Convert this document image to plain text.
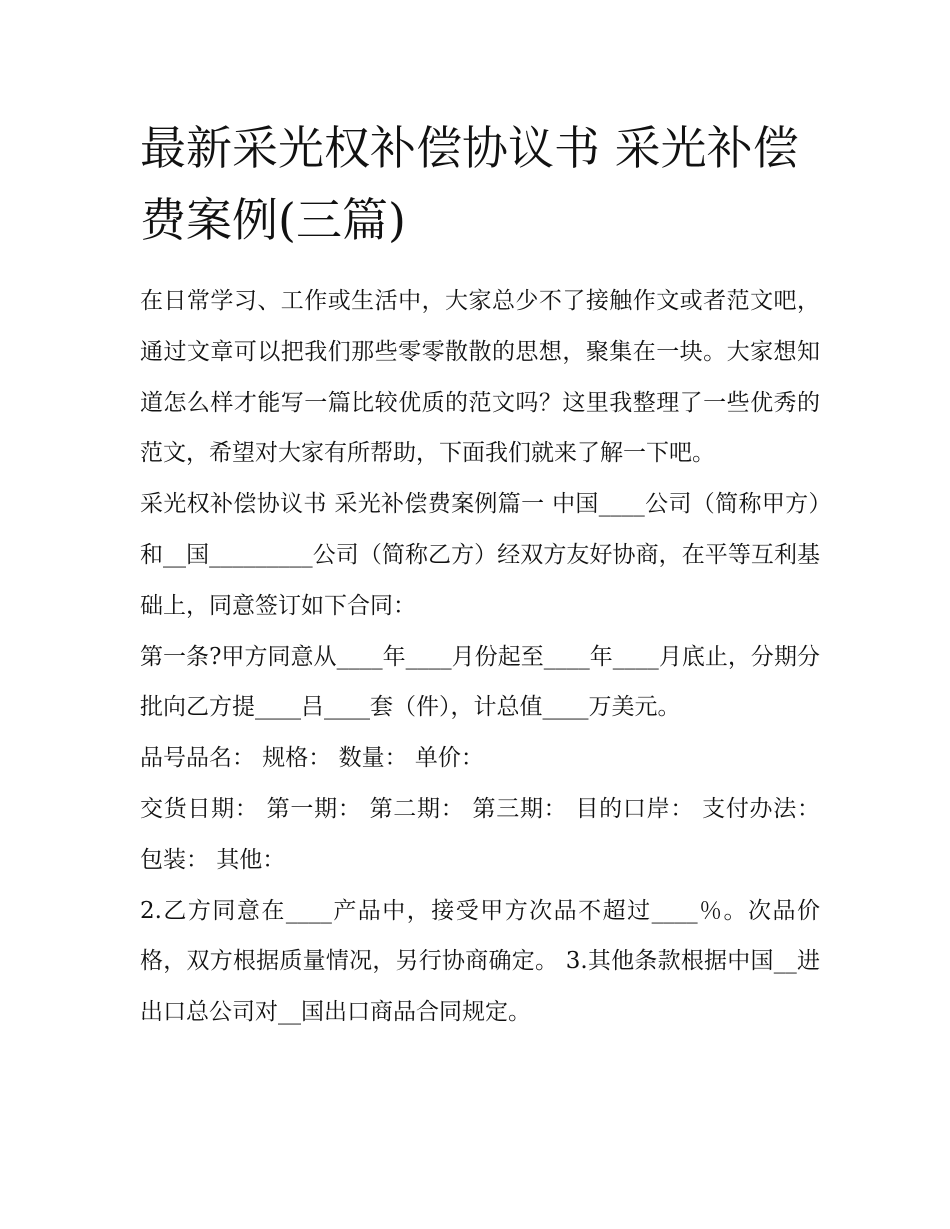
最新采光权补偿协议书 采光补偿费案例(三篇)

在日常学习、工作或生活中，大家总少不了接触作文或者范文吧，通过文章可以把我们那些零零散散的思想，聚集在一块。大家想知道怎么样才能写一篇比较优质的范文吗？这里我整理了一些优秀的范文，希望对大家有所帮助，下面我们就来了解一下吧。

采光权补偿协议书 采光补偿费案例篇一 中国____公司（简称甲方）和__国_________公司（简称乙方）经双方友好协商，在平等互利基础上，同意签订如下合同：

第一条?甲方同意从____年____月份起至____年____月底止，分期分批向乙方提____吕____套（件），计总值____万美元。

品号品名： 规格： 数量： 单价：

交货日期： 第一期： 第二期： 第三期： 目的口岸： 支付办法： 包装： 其他：

2.乙方同意在____产品中，接受甲方次品不超过____％。次品价格，双方根据质量情况，另行协商确定。 3.其他条款根据中国__进出口总公司对__国出口商品合同规定。
